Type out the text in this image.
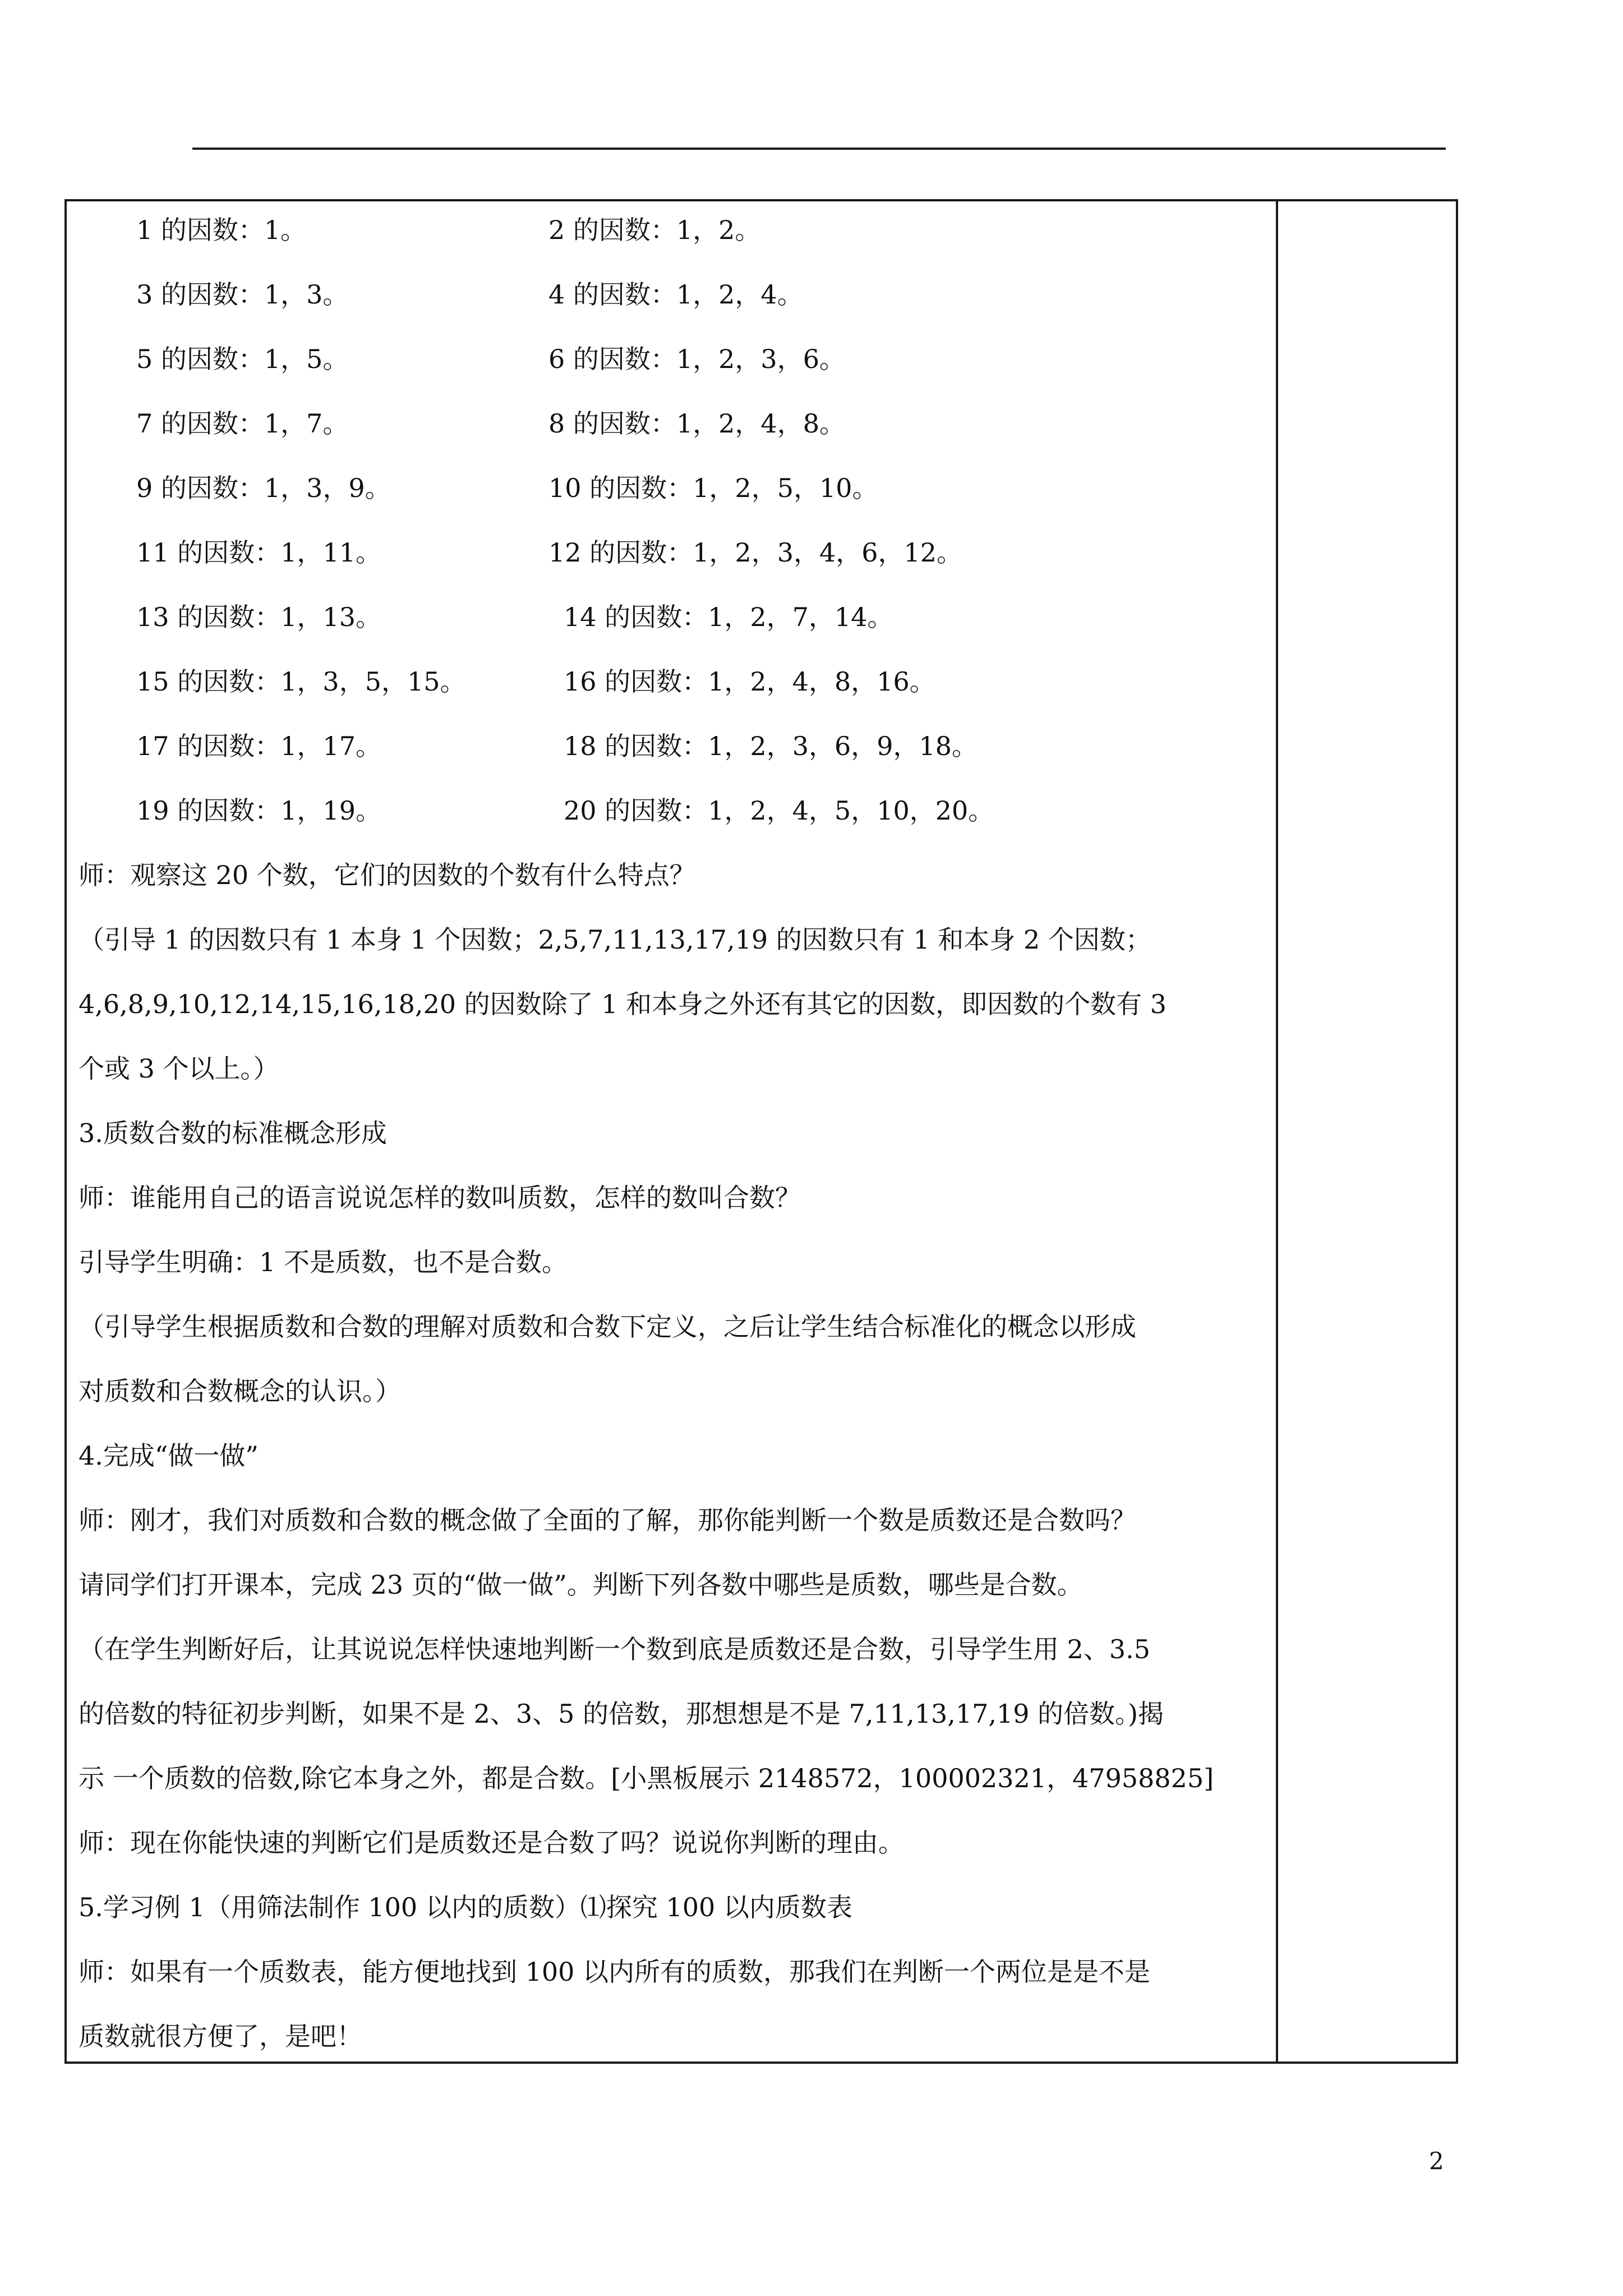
1 的因数：1。	2 的因数：1，2。
3 的因数：1，3。	4 的因数：1，2，4。
5 的因数：1，5。	6 的因数：1，2，3，6。
7 的因数：1，7。	8 的因数：1，2，4，8。
9 的因数：1，3，9。	10 的因数：1，2，5，10。
11 的因数：1，11。	12 的因数：1，2，3，4，6，12。
13 的因数：1，13。	14 的因数：1，2，7，14。
15 的因数：1，3，5，15。	16 的因数：1，2，4，8，16。
17 的因数：1，17。	18 的因数：1，2，3，6，9，18。
19 的因数：1，19。	20 的因数：1，2，4，5，10，20。
师：观察这 20 个数，它们的因数的个数有什么特点？
（引导 1 的因数只有 1 本身 1 个因数；2,5,7,11,13,17,19 的因数只有 1 和本身 2 个因数；
4,6,8,9,10,12,14,15,16,18,20 的因数除了 1 和本身之外还有其它的因数，即因数的个数有 3
个或 3 个以上。）
3.质数合数的标准概念形成
师：谁能用自己的语言说说怎样的数叫质数，怎样的数叫合数？
引导学生明确：1 不是质数，也不是合数。
（引导学生根据质数和合数的理解对质数和合数下定义，之后让学生结合标准化的概念以形成
对质数和合数概念的认识。）
4.完成“做一做”
师：刚才，我们对质数和合数的概念做了全面的了解，那你能判断一个数是质数还是合数吗？
请同学们打开课本，完成 23 页的“做一做”。判断下列各数中哪些是质数，哪些是合数。
（在学生判断好后，让其说说怎样快速地判断一个数到底是质数还是合数，引导学生用 2、3.5
的倍数的特征初步判断，如果不是 2、3、5 的倍数，那想想是不是 7,11,13,17,19 的倍数。)揭
示 一个质数的倍数,除它本身之外，都是合数。[小黑板展示 2148572，100002321，47958825]
师：现在你能快速的判断它们是质数还是合数了吗？说说你判断的理由。
5.学习例 1（用筛法制作 100 以内的质数）⑴探究 100 以内质数表
师：如果有一个质数表，能方便地找到 100 以内所有的质数，那我们在判断一个两位是是不是
质数就很方便了，是吧！
2
